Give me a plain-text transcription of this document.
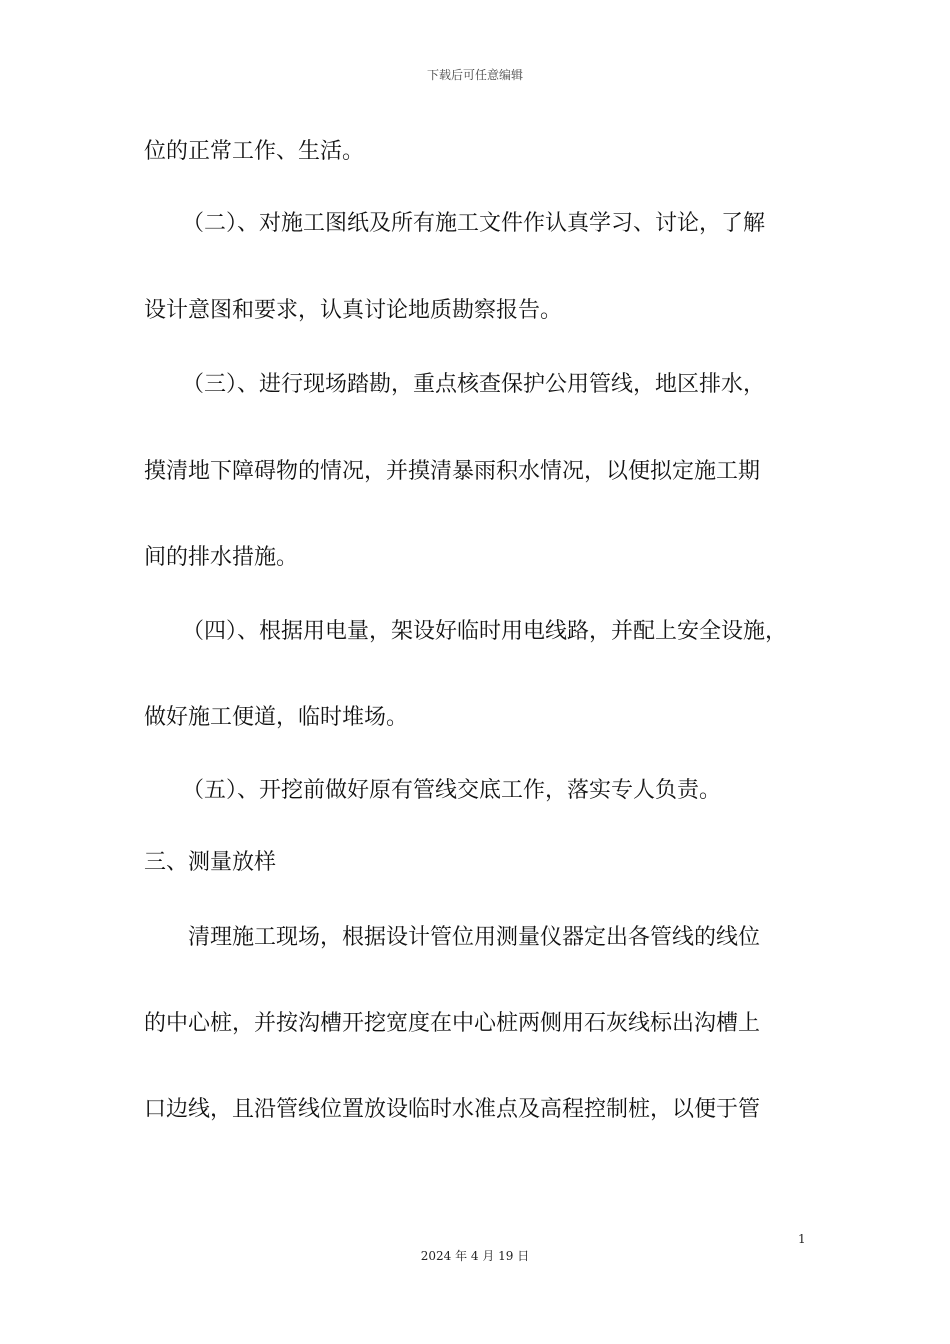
下载后可任意编辑
位的正常工作、生活。
（二）、对施工图纸及所有施工文件作认真学习、讨论，了解
设计意图和要求，认真讨论地质勘察报告。
（三）、进行现场踏勘，重点核查保护公用管线，地区排水，
摸清地下障碍物的情况，并摸清暴雨积水情况，以便拟定施工期
间的排水措施。
（四）、根据用电量，架设好临时用电线路，并配上安全设施，
做好施工便道，临时堆场。
（五）、开挖前做好原有管线交底工作，落实专人负责。
三、测量放样
清理施工现场，根据设计管位用测量仪器定出各管线的线位
的中心桩，并按沟槽开挖宽度在中心桩两侧用石灰线标出沟槽上
口边线，且沿管线位置放设临时水准点及高程控制桩，以便于管
1
2024 年 4 月 19 日
